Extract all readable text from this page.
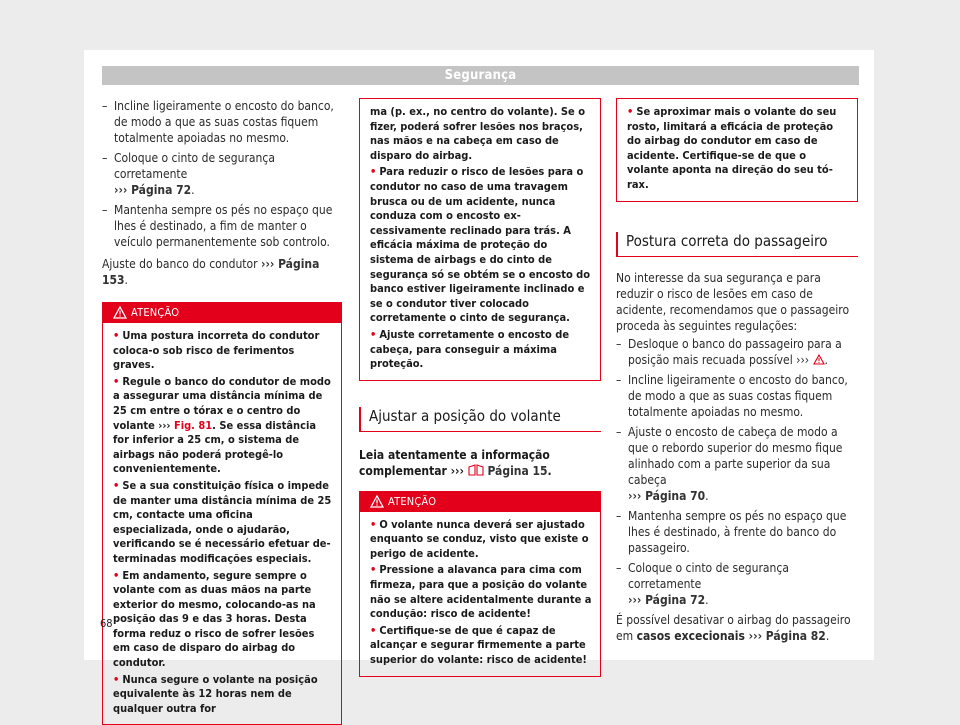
Segurança
– Incline ligeiramente o encosto do banco, de modo a que as suas costas fiquem totalmente apoiadas no mesmo.
– Coloque o cinto de segurança corretamente
››› Página 72.
– Mantenha sempre os pés no espaço que lhes é destinado, a fim de manter o veículo permanentemente sob controlo.

Ajuste do banco do condutor ››› Página 153.

ATENÇÃO

• Uma postura incorreta do condutor coloca-o sob risco de ferimentos graves.

• Regule o banco do condutor de modo a assegurar uma distância mínima de 25 cm entre o tórax e o centro do volante ››› Fig. 81. Se essa distância for inferior a 25 cm, o sistema de airbags não poderá protegê-lo convenientemente.

• Se a sua constituição física o impede de manter uma distância mínima de 25 cm, contacte uma oficina especializada, onde o ajudarão, verificando se é necessário efetuar determinadas modificações especiais.

• Em andamento, segure sempre o volante com as duas mãos na parte exterior do mesmo, colocando-as na posição das 9 e das 3 horas. Desta forma reduz o risco de sofrer lesões em caso de disparo do airbag do condutor.

• Nunca segure o volante na posição equivalente às 12 horas nem de qualquer outra for

ma (p. ex., no centro do volante). Se o fizer, poderá sofrer lesões nos braços, nas mãos e na cabeça em caso de disparo do airbag.

• Para reduzir o risco de lesões para o condutor no caso de uma travagem brusca ou de um acidente, nunca conduza com o encosto excessivamente reclinado para trás. A eficácia máxima de proteção do sistema de airbags e do cinto de segurança só se obtém se o encosto do banco estiver ligeiramente inclinado e se o condutor tiver colocado corretamente o cinto de segurança.

• Ajuste corretamente o encosto de cabeça, para conseguir a máxima proteção.

Ajustar a posição do volante

Leia atentamente a informação complementar ›››  Página 15.

ATENÇÃO

• O volante nunca deverá ser ajustado enquanto se conduz, visto que existe o perigo de acidente.

• Pressione a alavanca para cima com firmeza, para que a posição do volante não se altere acidentalmente durante a condução: risco de acidente!

• Certifique-se de que é capaz de alcançar e segurar firmemente a parte superior do volante: risco de acidente!

• Se aproximar mais o volante do seu rosto, limitará a eficácia de proteção do airbag do condutor em caso de acidente. Certifique-se de que o volante aponta na direção do seu tórax.

Postura correta do passageiro

No interesse da sua segurança e para reduzir o risco de lesões em caso de acidente, recomendamos que o passageiro proceda às seguintes regulações:

– Desloque o banco do passageiro para a posição mais recuada possível ››› .
– Incline ligeiramente o encosto do banco, de modo a que as suas costas fiquem totalmente apoiadas no mesmo.
– Ajuste o encosto de cabeça de modo a que o rebordo superior do mesmo fique alinhado com a parte superior da sua cabeça
››› Página 70.
– Mantenha sempre os pés no espaço que lhes é destinado, à frente do banco do passageiro.
– Coloque o cinto de segurança corretamente
››› Página 72.

É possível desativar o airbag do passageiro em casos excecionais ››› Página 82.

68
